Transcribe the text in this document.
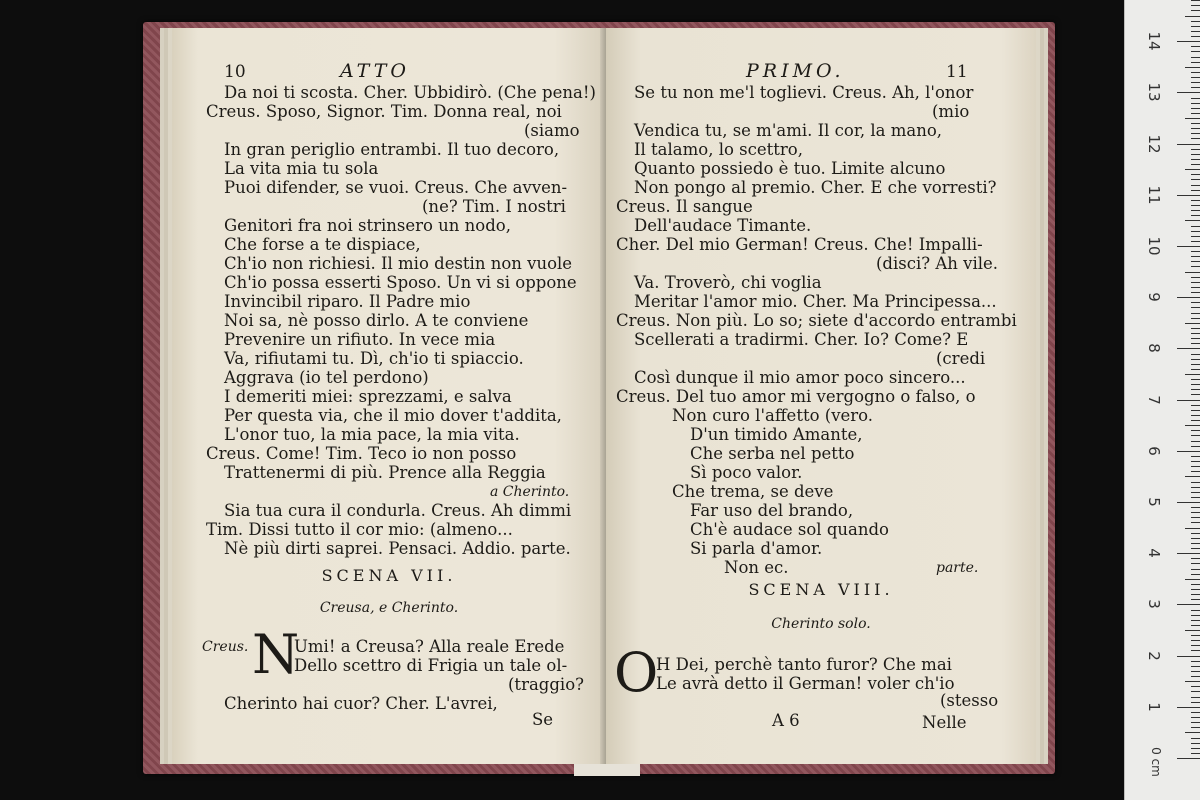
10	ATTO
Da noi ti scosta. Cher. Ubbidirò. (Che pena!)
Creus. Sposo, Signor. Tim. Donna real, noi
(siamo
In gran periglio entrambi. Il tuo decoro,
La vita mia tu sola
Puoi difender, se vuoi. Creus. Che avven-
(ne? Tim. I nostri
Genitori fra noi strinsero un nodo,
Che forse a te dispiace,
Ch'io non richiesi. Il mio destin non vuole
Ch'io possa esserti Sposo. Un vi si oppone
Invincibil riparo. Il Padre mio
Noi sa, nè posso dirlo. A te conviene
Prevenire un rifiuto. In vece mia
Va, rifiutami tu. Dì, ch'io ti spiaccio.
Aggrava (io tel perdono)
I demeriti miei: sprezzami, e salva
Per questa via, che il mio dover t'addita,
L'onor tuo, la mia pace, la mia vita.
Creus. Come! Tim. Teco io non posso
Trattenermi di più. Prence alla Reggia
a Cherinto.
Sia tua cura il condurla. Creus. Ah dimmi
Tim. Dissi tutto il cor mio: (almeno...
Nè più dirti saprei. Pensaci. Addio. parte.
SCENA VII.
Creusa, e Cherinto.
Creus. N
Umi! a Creusa? Alla reale Erede
Dello scettro di Frigia un tale ol-
(traggio?
Cherinto hai cuor? Cher. L'avrei,
Se
PRIMO.	11
Se tu non me'l toglievi. Creus. Ah, l'onor
(mio
Vendica tu, se m'ami. Il cor, la mano,
Il talamo, lo scettro,
Quanto possiedo è tuo. Limite alcuno
Non pongo al premio. Cher. E che vorresti?
Creus. Il sangue
Dell'audace Timante.
Cher. Del mio German! Creus. Che! Impalli-
(disci? Ah vile.
Va. Troverò, chi voglia
Meritar l'amor mio. Cher. Ma Principessa...
Creus. Non più. Lo so; siete d'accordo entrambi
Scellerati a tradirmi. Cher. Io? Come? E
(credi
Così dunque il mio amor poco sincero...
Creus. Del tuo amor mi vergogno o falso, o
Non curo l'affetto (vero.
D'un timido Amante,
Che serba nel petto
Sì poco valor.
Che trema, se deve
Far uso del brando,
Ch'è audace sol quando
Si parla d'amor.
Non ec.	parte.
SCENA VIII.
Cherinto solo.
O
H Dei, perchè tanto furor? Che mai
Le avrà detto il German! voler ch'io
(stesso
A 6	Nelle
0 cm
1
2
3
4
5
6
7
8
9
10
11
12
13
14
